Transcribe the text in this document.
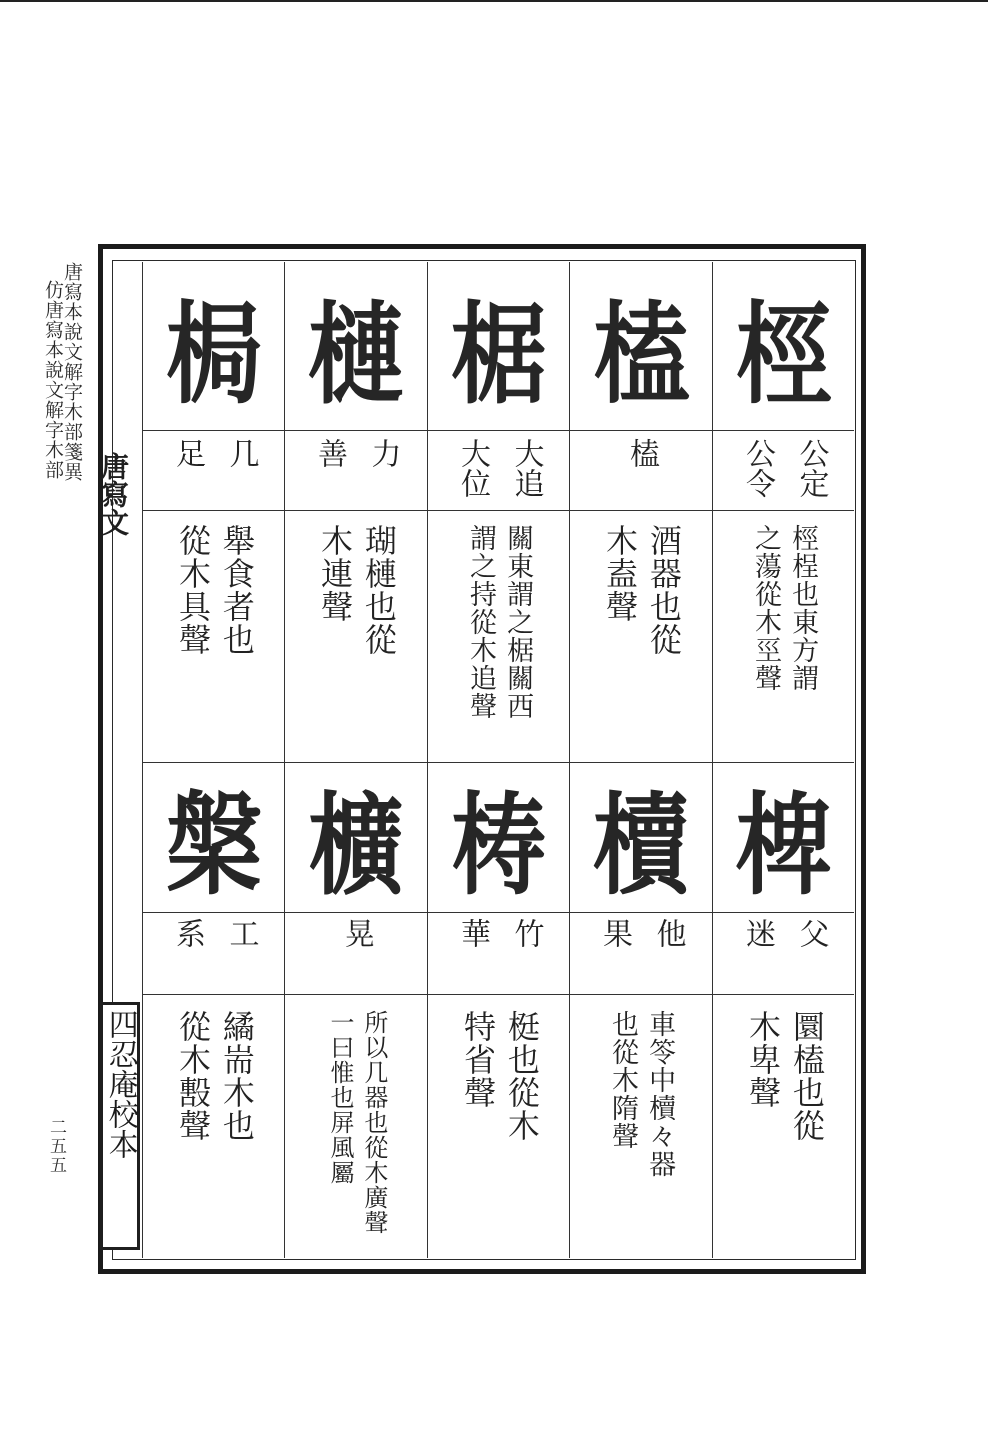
唐寫本說文解字木部箋異
仿唐寫本說文解字木部
二五五
唐寫文
四忍庵校本
桱
公定
公令
桱桯也東方謂
之蕩從木巠聲
椑
父
迷
圜榼也從
木卑聲
榼
榼
酒器也從
木盍聲
櫝
他
果
車笭中櫝々器
也從木隋聲
椐
大追
大位
關東謂之椐關西
謂之持從木追聲
梼
竹
華
梃也從木
特省聲
槤
力
善
瑚槤也從
木連聲
櫎
晃
所以几器也從木廣聲
一曰惟也屏風屬
梮
几
足
舉食者也
從木具聲
槃
工
系
繘耑木也
從木毄聲
